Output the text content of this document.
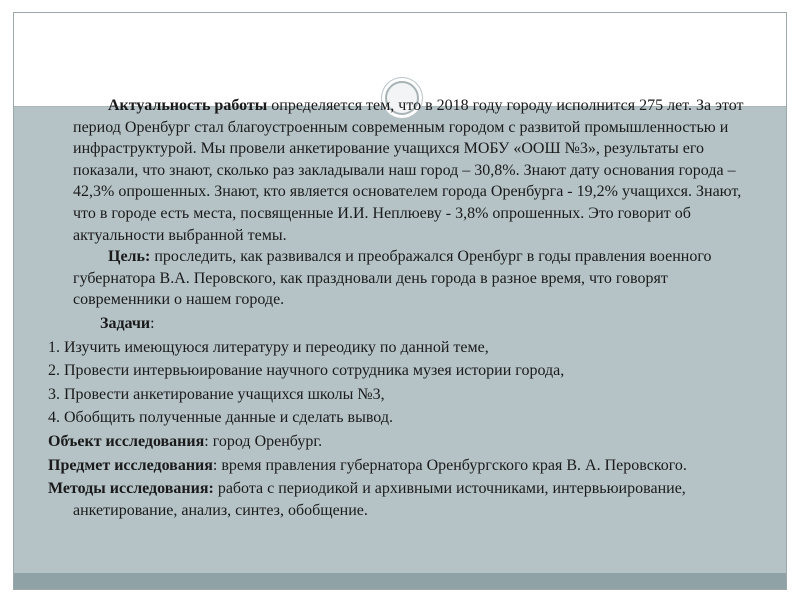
Актуальность работы определяется тем, что в 2018 году городу исполнится 275 лет. За этот период Оренбург стал благоустроенным современным городом с развитой промышленностью и инфраструктурой. Мы провели анкетирование учащихся МОБУ «ООШ №3», результаты его показали, что знают, сколько раз закладывали наш город – 30,8%. Знают дату основания города – 42,3% опрошенных. Знают, кто является основателем города Оренбурга - 19,2% учащихся. Знают, что в городе есть места, посвященные И.И. Неплюеву - 3,8% опрошенных. Это говорит об актуальности выбранной темы.

Цель: проследить, как развивался и преображался Оренбург в годы правления военного губернатора В.А. Перовского, как праздновали день города в разное время, что говорят современники о нашем городе.

Задачи:

1. Изучить имеющуюся литературу и переодику по данной теме,

2. Провести интервьюирование научного сотрудника музея истории города,

3. Провести анкетирование учащихся школы №3,

4. Обобщить полученные данные и сделать вывод.

Объект исследования: город Оренбург.

Предмет исследования: время правления губернатора Оренбургского края В. А. Перовского.

Методы исследования: работа с периодикой и архивными источниками, интервьюирование, анкетирование, анализ, синтез, обобщение.
